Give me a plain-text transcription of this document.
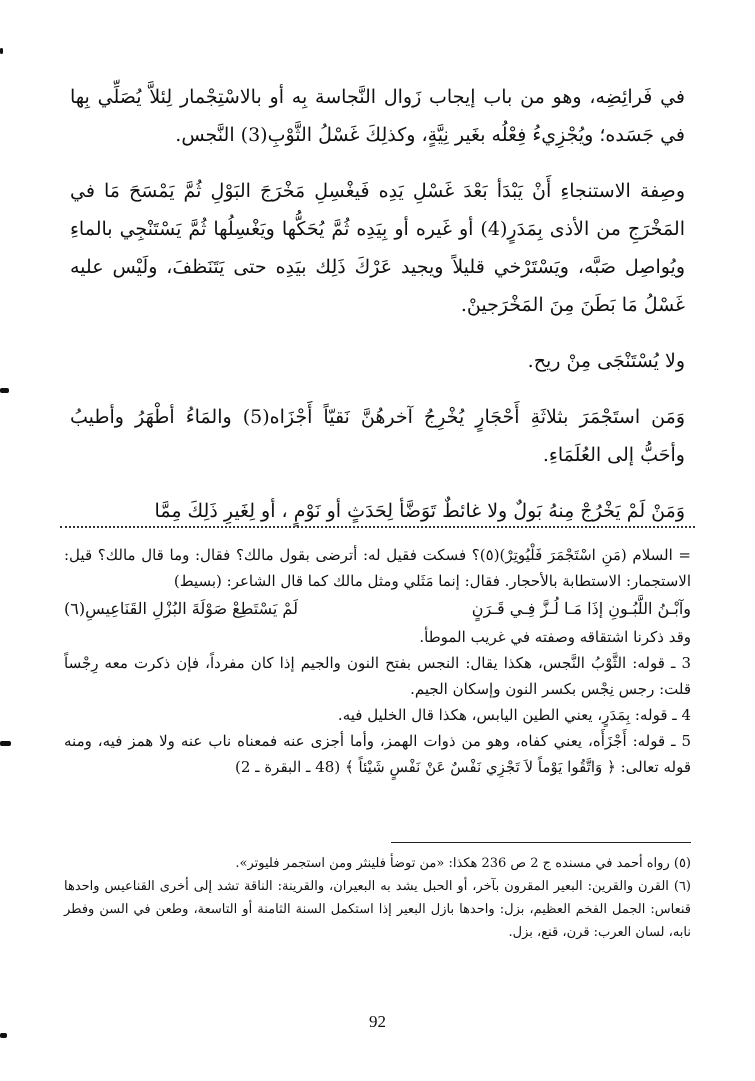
في فَرائِضِه، وهو من باب إيجاب زَوال النَّجاسة بِه أو بالاسْتِجْمار لِئلاَّ يُصَلِّي بِها في جَسَده؛ ويُجْزِيءُ فِعْلُه بغَير نِيَّةٍ، وكذلِكَ غَسْلُ الثَّوْبِ(3) النَّجس.

وصِفة الاستنجاءِ أَنْ يَبْدَأ بَعْدَ غَسْلِ يَدِه فَيغْسِلِ مَخْرَجَ البَوْلِ ثُمَّ يَمْسَحَ مَا في المَخْرَجِ من الأذى بِمَدَرٍ(4) أو غَيره أو بِيَدِه ثُمَّ يُحَكُّها ويَغْسِلُها ثُمَّ يَسْتَنْجِي بالماءِ ويُواصِل صَبَّه، ويَسْتَرْخي قليلاً ويجيد عَرْكَ ذَلِك بيَدِه حتى يَتَنَظفَ، ولَيْس عليه غَسْلُ مَا بَطَنَ مِنَ المَخْرَجينْ.

ولا يُسْتَنْجَى مِنْ ريح.

وَمَن استَجْمَرَ بثلاثَةِ أَحْجَارٍ يُخْرِجُ آخرهُنَّ نَقيّاً أَجْزَاه(5) والمَاءُ أطْهَرُ وأطيبُ وأحَبُّ إلى العُلَمَاءِ.

وَمَنْ لَمْ يَخْرُجْ مِنهُ بَولٌ ولا غائطٌ تَوَضَّأ لِحَدَثٍ أو نَوْمٍ ، أو لِغَيرِ ذَلِكَ مِمَّا

= السلام (مَنِ اسْتَجْمَرَ فَلْيُوتِرْ)(٥)؟ فسكت فقيل له: أترضى بقول مالك؟ فقال: وما قال مالك؟ قيل: الاستجمار: الاستطابة بالأحجار. فقال: إنما مَثَلي ومثل مالك كما قال الشاعر: (بسيط)

وآبْـنُ اللَّبُـونِ إذَا مَـا لُـزَّ فِـي قَـرَنٍ
لَمْ يَسْتَطِعْ صَوْلَةَ البُزْلِ القَنَاعِيسِ(٦)

وقد ذكرنا اشتقاقه وصفته في غريب الموطأ.

3 ـ قوله: الثَّوْبُ النَّجس، هكذا يقال: النجس بفتح النون والجيم إذا كان مفرداً، فإن ذكرت معه رِجْساً قلت: رجس نِجْس بكسر النون وإسكان الجيم.

4 ـ قوله: بِمَدَرٍ، يعني الطين اليابس، هكذا قال الخليل فيه.

5 ـ قوله: أَجْزَأَه، يعني كفاه، وهو من ذوات الهمز، وأما أجزى عنه فمعناه ناب عنه ولا همز فيه، ومنه قوله تعالى: ﴿ وَاتَّقُوا يَوْماً لاَ تَجْزِي نَفْسٌ عَنْ نَفْسٍ شَيْئاً ﴾ (48 ـ البقرة ـ 2)

(٥) رواه أحمد في مسنده ج 2 ص 236 هكذا: «من توضأ فلينثر ومن استجمر فليوتر».

(٦) القرن والقرين: البعير المقرون بآخر، أو الحبل يشد به البعيران، والقرينة: الناقة تشد إلى أخرى القناعيس واحدها قنعاس: الجمل الفخم العظيم، بزل: واحدها بازل البعير إذا استكمل السنة الثامنة أو التاسعة، وطعن في السن وفطر نابه، لسان العرب: قرن، قنع، بزل.

92
